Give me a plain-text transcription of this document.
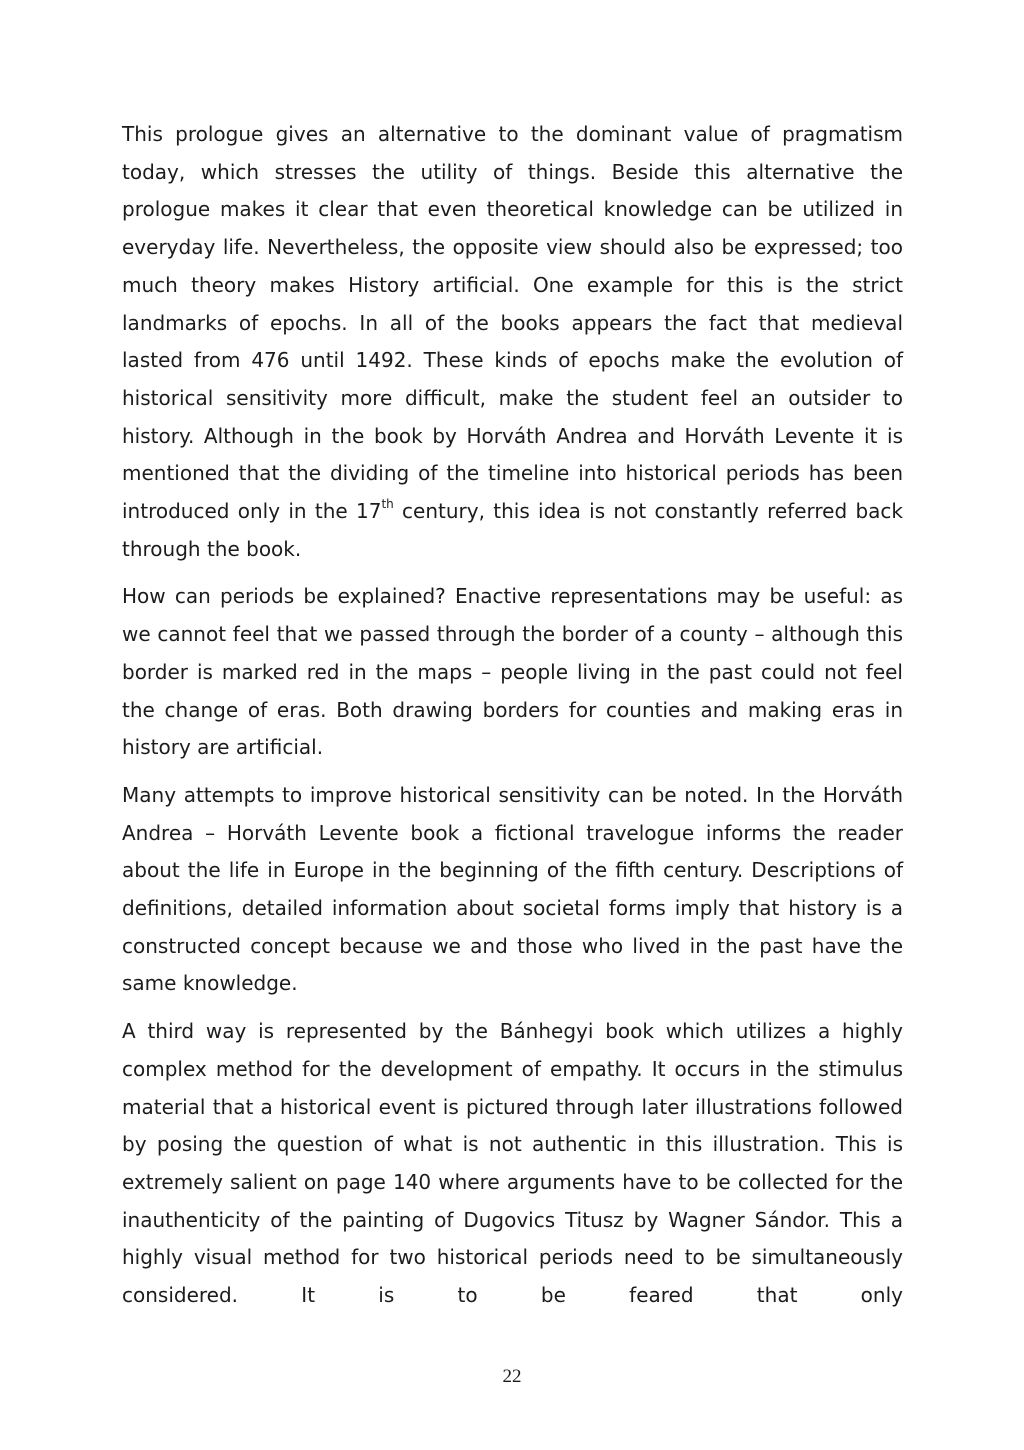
This prologue gives an alternative to the dominant value of pragmatism today, which stresses the utility of things. Beside this alternative the prologue makes it clear that even theoretical knowledge can be utilized in everyday life. Nevertheless, the opposite view should also be expressed; too much theory makes History artificial. One example for this is the strict landmarks of epochs. In all of the books appears the fact that medieval lasted from 476 until 1492. These kinds of epochs make the evolution of historical sensitivity more difficult, make the student feel an outsider to history. Although in the book by Horváth Andrea and Horváth Levente it is mentioned that the dividing of the timeline into historical periods has been introduced only in the 17th century, this idea is not constantly referred back through the book.

How can periods be explained? Enactive representations may be useful: as we cannot feel that we passed through the border of a county – although this border is marked red in the maps – people living in the past could not feel the change of eras. Both drawing borders for counties and making eras in history are artificial.

Many attempts to improve historical sensitivity can be noted. In the Horváth Andrea – Horváth Levente book a fictional travelogue informs the reader about the life in Europe in the beginning of the fifth century. Descriptions of definitions, detailed information about societal forms imply that history is a constructed concept because we and those who lived in the past have the same knowledge.

A third way is represented by the Bánhegyi book which utilizes a highly complex method for the development of empathy. It occurs in the stimulus material that a historical event is pictured through later illustrations followed by posing the question of what is not authentic in this illustration. This is extremely salient on page 140 where arguments have to be collected for the inauthenticity of the painting of Dugovics Titusz by Wagner Sándor. This a highly visual method for two historical periods need to be simultaneously considered. It is to be feared that only

22
